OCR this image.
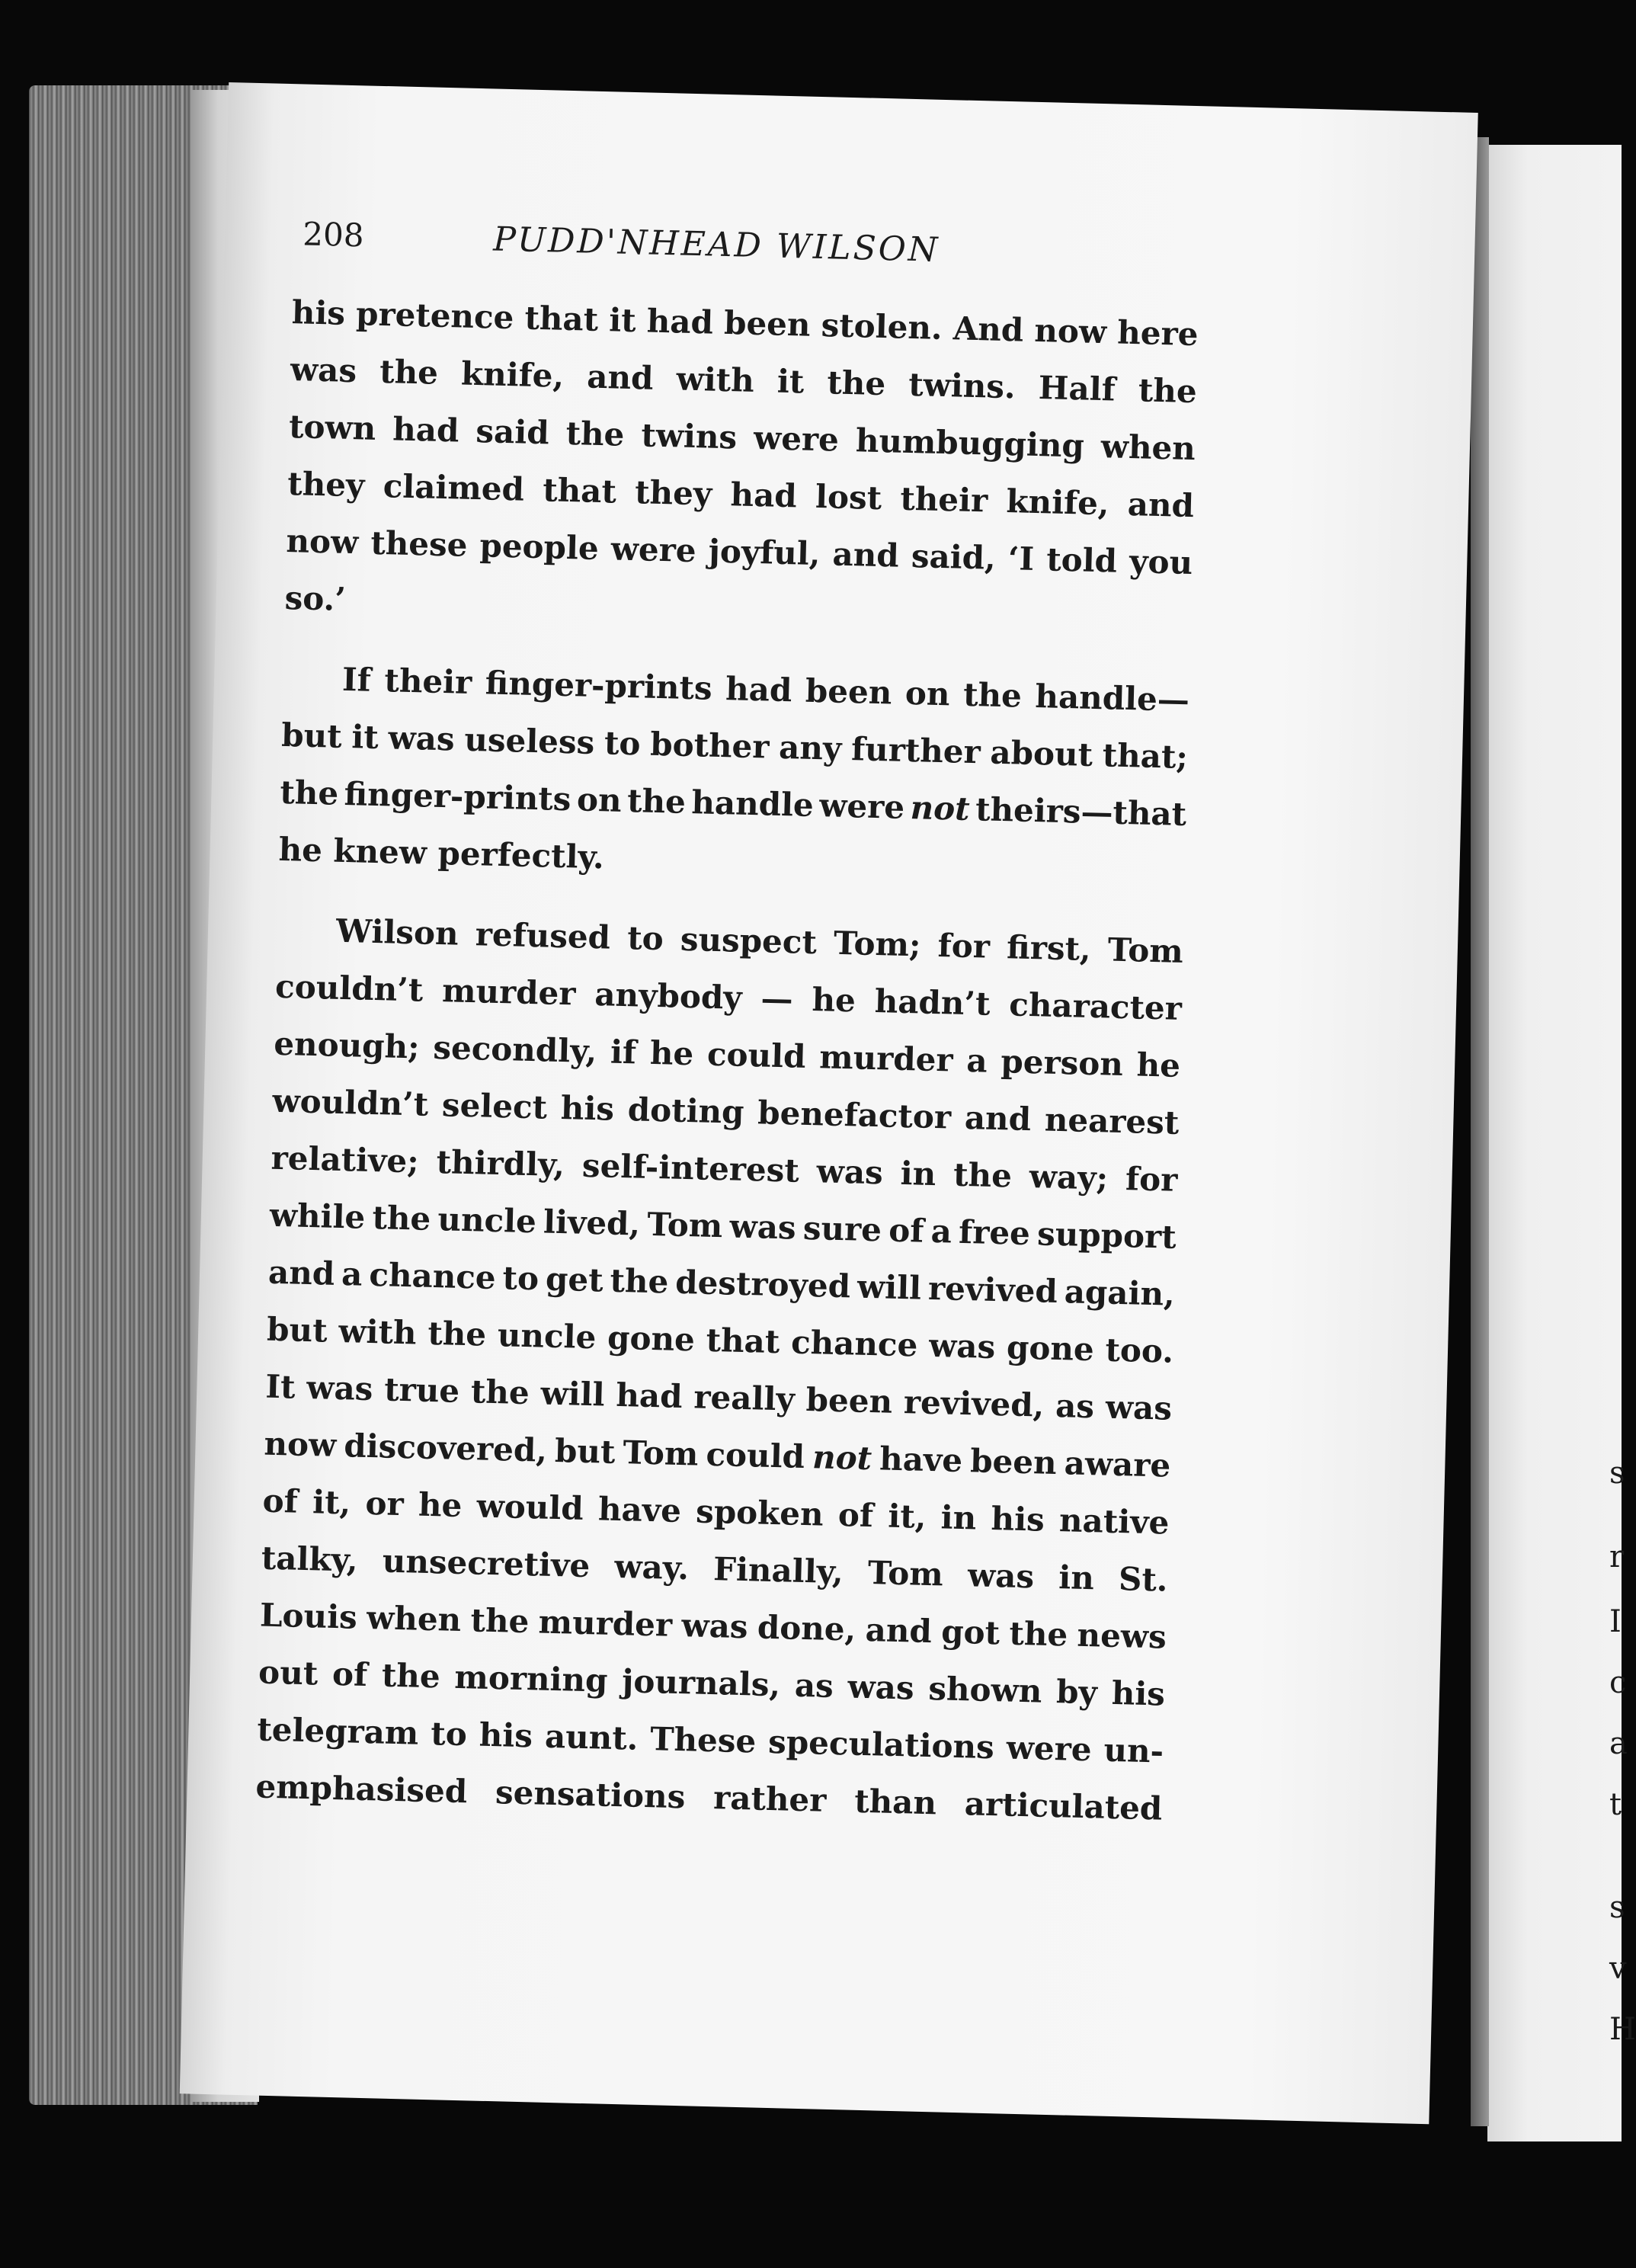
s
r
I
c
a
t
s
v
H
208	PUDD'NHEAD WILSON
his pretence that it had been stolen. And now here
was the knife, and with it the twins. Half the
town had said the twins were humbugging when
they claimed that they had lost their knife, and
now these people were joyful, and said, ‘I told you
so.’
If their finger-prints had been on the handle—
but it was useless to bother any further about that;
the finger-prints on the handle were not theirs—that
he knew perfectly.
Wilson refused to suspect Tom; for first, Tom
couldn’t murder anybody — he hadn’t character
enough; secondly, if he could murder a person he
wouldn’t select his doting benefactor and nearest
relative; thirdly, self-interest was in the way; for
while the uncle lived, Tom was sure of a free support
and a chance to get the destroyed will revived again,
but with the uncle gone that chance was gone too.
It was true the will had really been revived, as was
now discovered, but Tom could not have been aware
of it, or he would have spoken of it, in his native
talky, unsecretive way. Finally, Tom was in St.
Louis when the murder was done, and got the news
out of the morning journals, as was shown by his
telegram to his aunt. These speculations were un-
emphasised sensations rather than articulated
